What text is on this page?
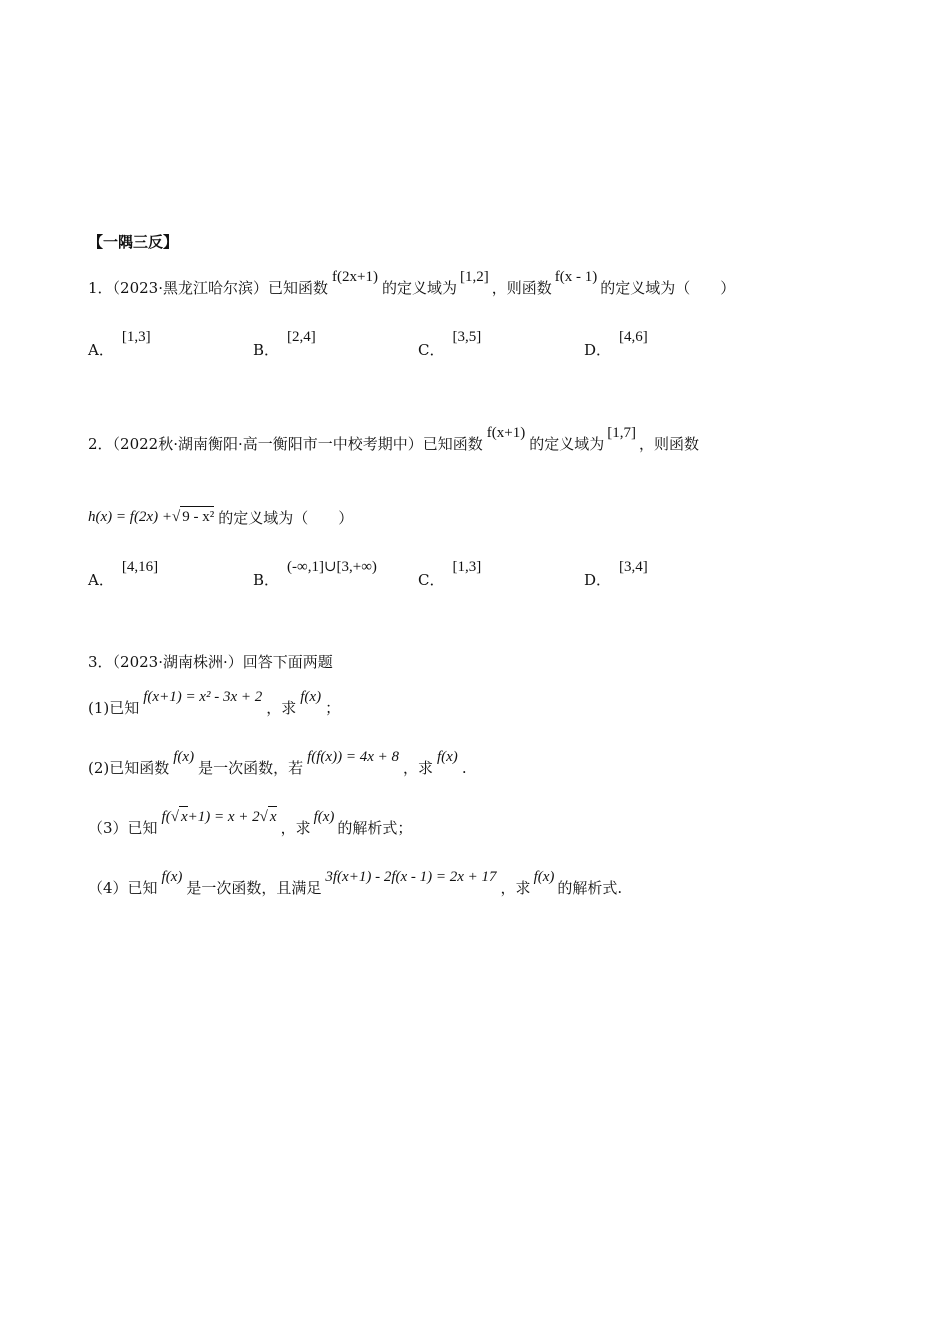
【一隅三反】
1．（2023·黑龙江哈尔滨）已知函数f(2x+1)的定义域为[1,2]，则函数f(x - 1)的定义域为（　　）
A．[1,3]
B．[2,4]
C．[3,5]
D．[4,6]
2．（2022秋·湖南衡阳·高一衡阳市一中校考期中）已知函数f(x+1)的定义域为[1,7]，则函数
h(x) = f(2x) +√ 9 - x² 的定义域为（　　）
A．[4,16]
B．(-∞,1]∪[3,+∞)
C．[1,3]
D．[3,4]
3．（2023·湖南株洲·）回答下面两题
(1)已知f(x+1) = x² - 3x + 2，求f(x)；
(2)已知函数f(x)是一次函数，若f(f(x)) = 4x + 8，求f(x).
（3）已知f(√ x+1) = x + 2√ x，求f(x)的解析式；
（4）已知f(x)是一次函数，且满足3f(x+1) - 2f(x - 1) = 2x + 17，求f(x)的解析式.
